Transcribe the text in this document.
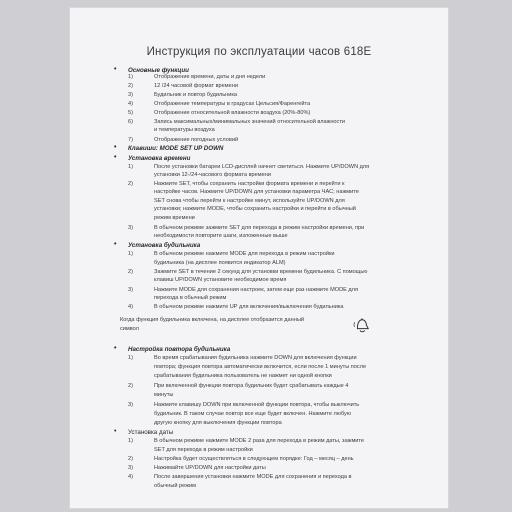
Инструкция по эксплуатации часов 618E
• Основные функции
1)	Отображение времени, даты и дня недели
2)	12 /24 часовой формат времени
3)	Будильник и повтор будильника
4)	Отображение температуры в градусах Цельсия/Фаренгейта
5)	Отображение относительной влажности воздуха (20%-80%)
6)	Запись максимальных/минимальных значений относительной влажности
и температуры воздуха
7)	Отображение погодных условий
• Клавиши: MODE SET UP DOWN
• Установка времени
1)	После установки батареи LCD-дисплей начнет светиться. Нажмите UP/DOWN для
установки 12-/24-часового формата времени
2)	Нажмите SET, чтобы сохранить настройки формата времени и перейти к
настройке часов. Нажмите UP/DOWN для установки параметра ЧАС; нажмите
SET снова чтобы перейти к настройке минут, используйте UP/DOWN для
установки; нажмите MODE, чтобы сохранить настройки и перейти в обычный
режим времени
3)	В обычном режиме зажмите SET для перехода в режим настройки времени, при
необходимости повторите шаги, изложенные выше
• Установка будильника
1)	В обычном режиме нажмите MODE для перехода в режим настройки
будильника (на дисплее появится индикатор ALM)
2)	Зажмите SET в течение 2 секунд для установки времени будильника. С помощью
клавиш UP/DOWN установите необходимое время
3)	Нажмите MODE для сохранения настроек, затем еще раз нажмите MODE для
перехода в обычный режим
4)	В обычном режиме нажмите UP для включения/выключения будильника
Когда функция будильника включена, на дисплее отобразится данный
символ
• Настройка повтора будильника
1)	Во время срабатывания будильника нажмите DOWN для включения функции
повтора; функция повтора автоматически включится, если после 1 минуты после
срабатывания будильника пользователь не нажмет ни одной кнопки
2)	При включенной функции повтора будильник будет срабатывать каждые 4
минуты
3)	Нажмите клавишу DOWN при включенной функции повтора, чтобы выключить
будильник. В таком случае повтор все еще будет включен. Нажмите любую
другую кнопку для выключения функции повтора
• Установка даты
1)	В обычном режиме нажмите MODE 2 раза для перехода в режим даты, зажмите
SET для перехода в режим настройки
2)	Настройка будет осуществляться в следующем порядке: Год – месяц – день
3)	Нажимайте UP/DOWN для настройки даты
4)	После завершения установки нажмите MODE для сохранения и перехода в
обычный режим
